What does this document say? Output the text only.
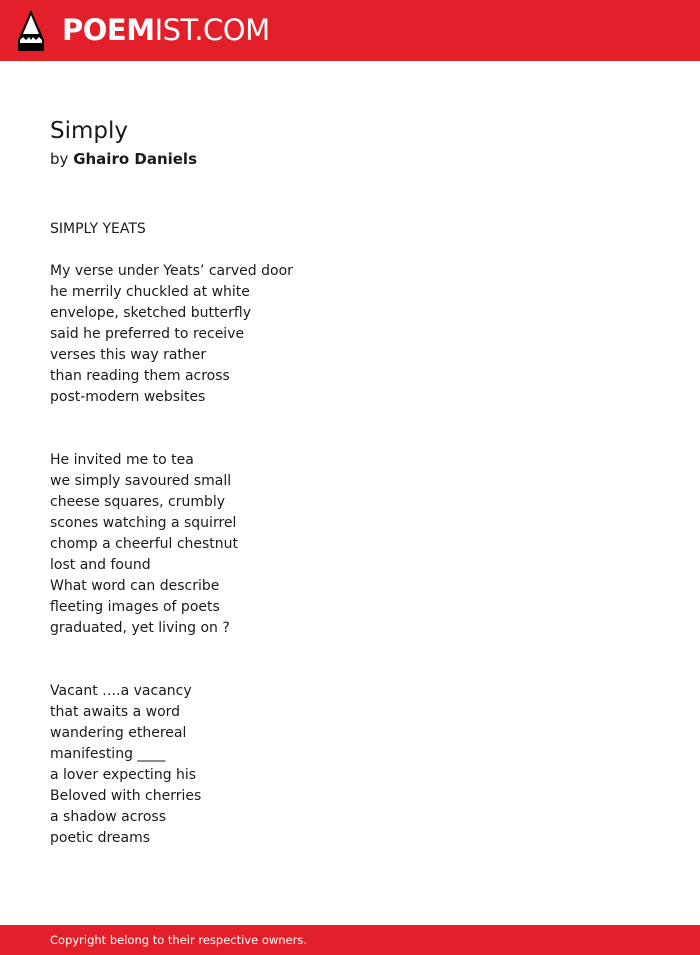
POEMIST.COM
Simply
by Ghairo Daniels
SIMPLY YEATS
My verse under Yeats’ carved door
he merrily chuckled at white
envelope, sketched butterfly
said he preferred to receive
verses this way rather
than reading them across
post-modern websites
He invited me to tea
we simply savoured small
cheese squares, crumbly
scones watching a squirrel
chomp a cheerful chestnut
lost and found
What word can describe
fleeting images of poets
graduated, yet living on ?
Vacant ….a vacancy
that awaits a word
wandering ethereal
manifesting ____
a lover expecting his
Beloved with cherries
a shadow across
poetic dreams
Copyright belong to their respective owners.
